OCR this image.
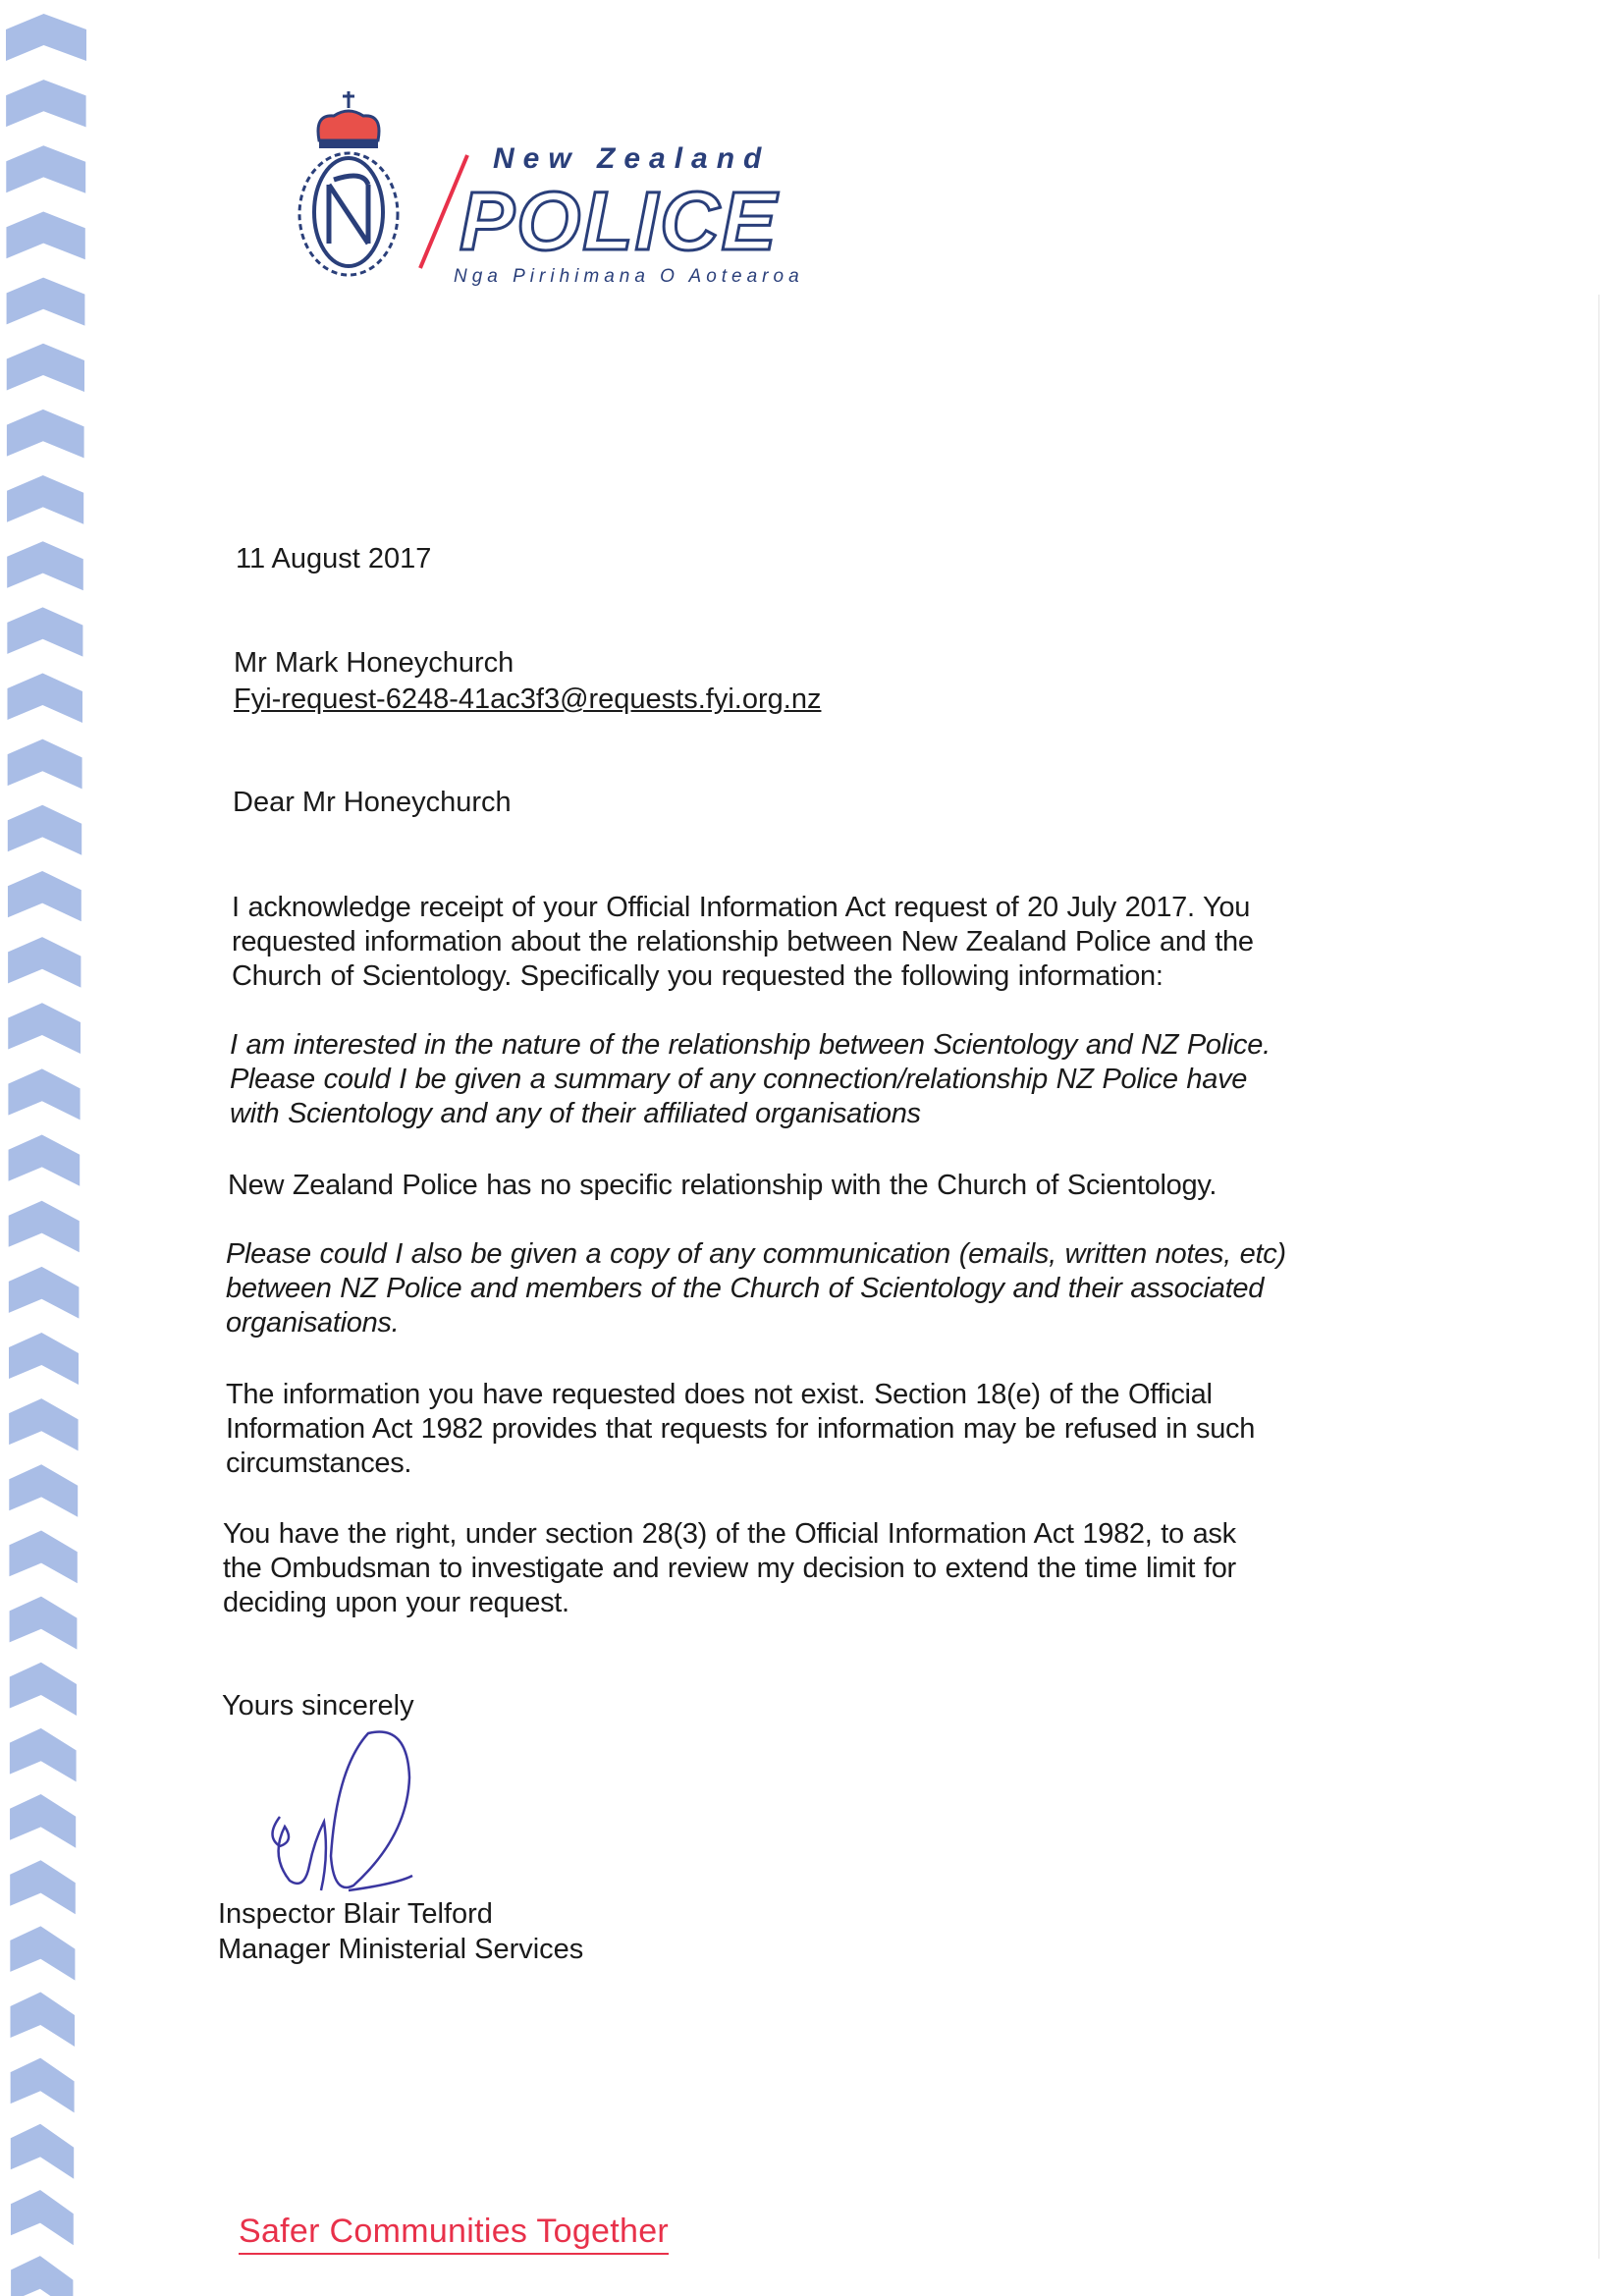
New Zealand
POLICE
Nga Pirihimana O Aotearoa
11 August 2017
Mr Mark Honeychurch
Fyi-request-6248-41ac3f3@requests.fyi.org.nz
Dear Mr Honeychurch
I acknowledge receipt of your Official Information Act request of 20 July 2017. You
requested information about the relationship between New Zealand Police and the
Church of Scientology. Specifically you requested the following information:
I am interested in the nature of the relationship between Scientology and NZ Police.
Please could I be given a summary of any connection/relationship NZ Police have
with Scientology and any of their affiliated organisations
New Zealand Police has no specific relationship with the Church of Scientology.
Please could I also be given a copy of any communication (emails, written notes, etc)
between NZ Police and members of the Church of Scientology and their associated
organisations.
The information you have requested does not exist. Section 18(e) of the Official
Information Act 1982 provides that requests for information may be refused in such
circumstances.
You have the right, under section 28(3) of the Official Information Act 1982, to ask
the Ombudsman to investigate and review my decision to extend the time limit for
deciding upon your request.
Yours sincerely
Inspector Blair Telford
Manager Ministerial Services
Safer Communities Together
